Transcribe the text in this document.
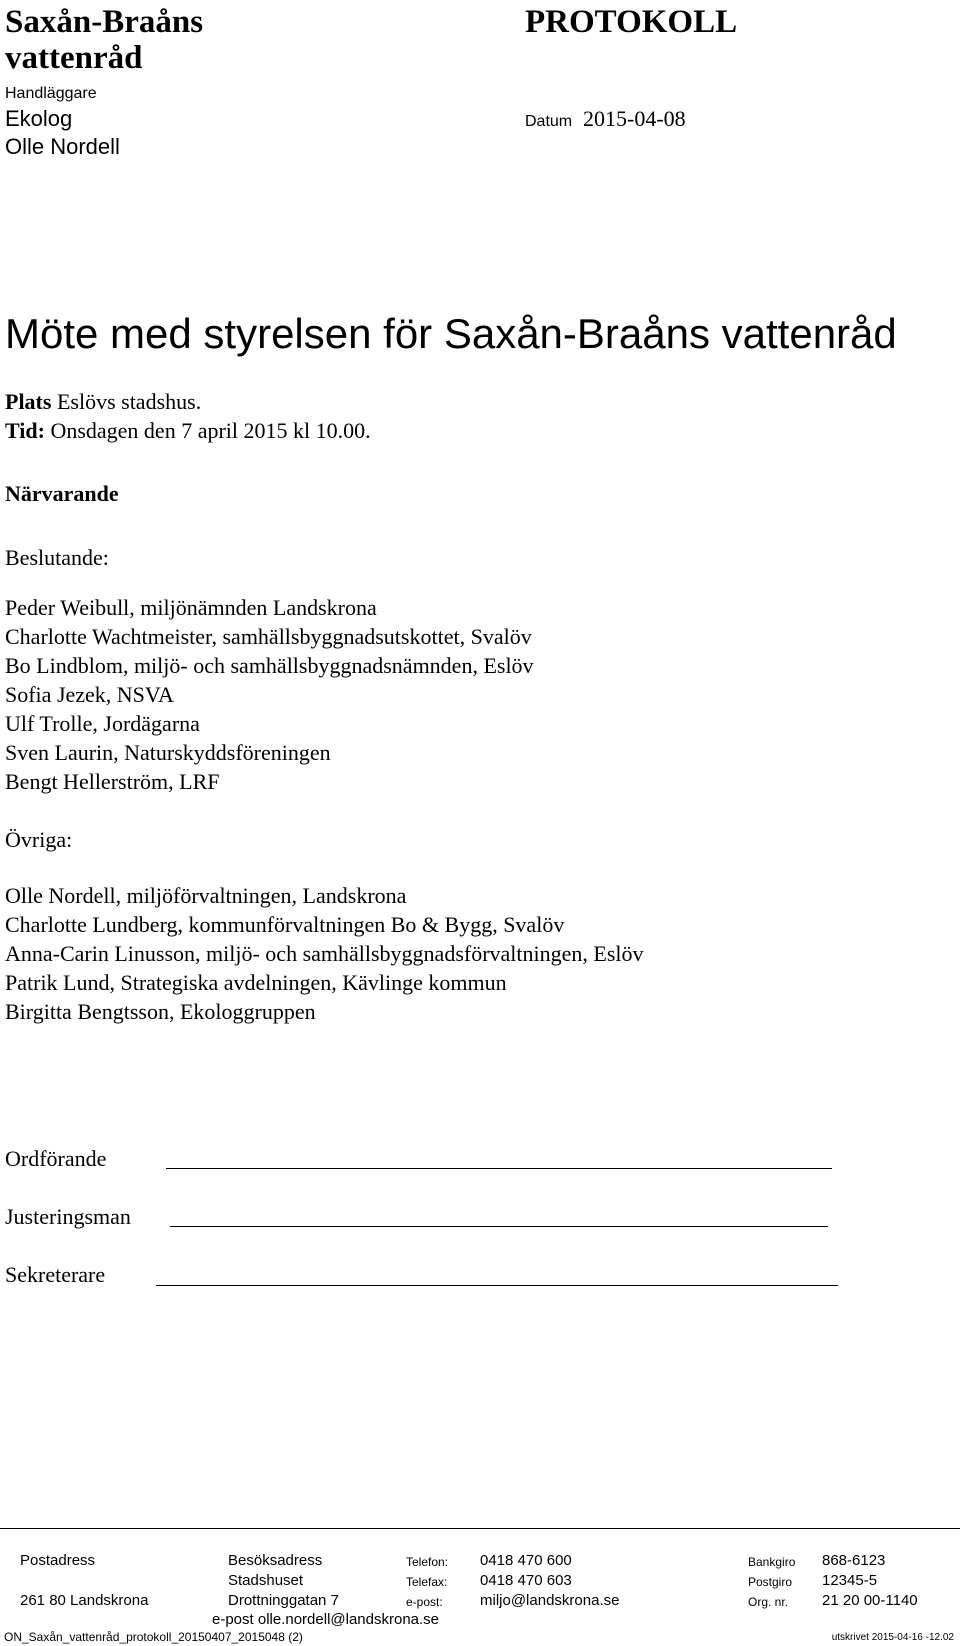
Saxån-Braåns vattenråd
PROTOKOLL
Handläggare
Ekolog
Olle Nordell
Datum 2015-04-08
Möte med styrelsen för Saxån-Braåns vattenråd
Plats Eslövs stadshus.
Tid: Onsdagen den 7 april 2015 kl 10.00.
Närvarande
Beslutande:
Peder Weibull, miljönämnden Landskrona
Charlotte Wachtmeister, samhällsbyggnadsutskottet, Svalöv
Bo Lindblom, miljö- och samhällsbyggnadsnämnden, Eslöv
Sofia Jezek, NSVA
Ulf Trolle, Jordägarna
Sven Laurin, Naturskyddsföreningen
Bengt Hellerström, LRF
Övriga:
Olle Nordell, miljöförvaltningen, Landskrona
Charlotte Lundberg, kommunförvaltningen Bo & Bygg, Svalöv
Anna-Carin Linusson, miljö- och samhällsbyggnadsförvaltningen, Eslöv
Patrik Lund, Strategiska avdelningen, Kävlinge kommun
Birgitta Bengtsson, Ekologgruppen
Ordförande
Justeringsman
Sekreterare
Postadress
261 80 Landskrona
Besöksadress
Stadshuset
Drottninggatan 7
e-post olle.nordell@landskrona.se
Telefon: 0418 470 600
Telefax: 0418 470 603
e-post: miljo@landskrona.se
Bankgiro 868-6123
Postgiro 12345-5
Org. nr. 21 20 00-1140
ON_Saxån_vattenråd_protokoll_20150407_2015048 (2)	utskrivet 2015-04-16 -12.02
